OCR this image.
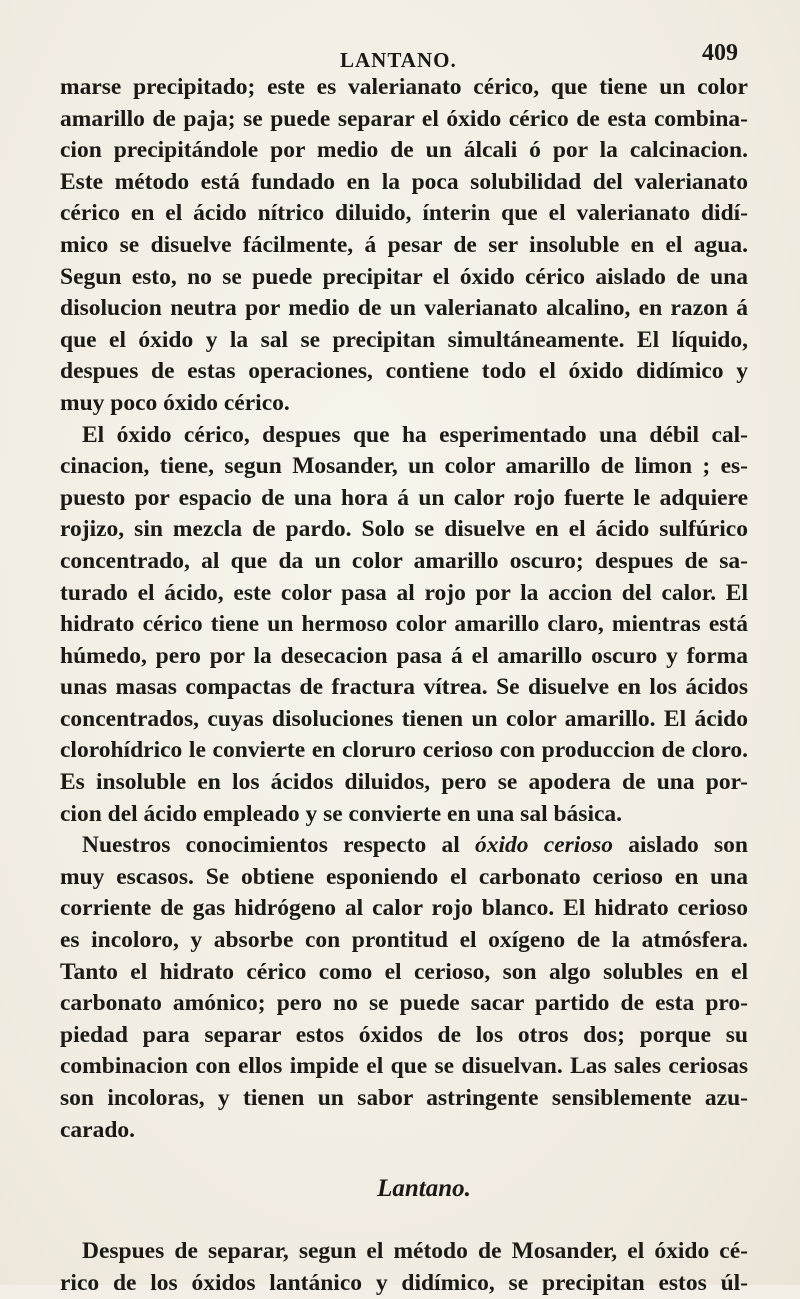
LANTANO.	409
marse precipitado; este es valerianato cérico, que tiene un color
amarillo de paja; se puede separar el óxido cérico de esta combina-
cion precipitándole por medio de un álcali ó por la calcinacion.
Este método está fundado en la poca solubilidad del valerianato
cérico en el ácido nítrico diluido, ínterin que el valerianato didí-
mico se disuelve fácilmente, á pesar de ser insoluble en el agua.
Segun esto, no se puede precipitar el óxido cérico aislado de una
disolucion neutra por medio de un valerianato alcalino, en razon á
que el óxido y la sal se precipitan simultáneamente. El líquido,
despues de estas operaciones, contiene todo el óxido didímico y
muy poco óxido cérico.
El óxido cérico, despues que ha esperimentado una débil cal-
cinacion, tiene, segun Mosander, un color amarillo de limon ; es-
puesto por espacio de una hora á un calor rojo fuerte le adquiere
rojizo, sin mezcla de pardo. Solo se disuelve en el ácido sulfúrico
concentrado, al que da un color amarillo oscuro; despues de sa-
turado el ácido, este color pasa al rojo por la accion del calor. El
hidrato cérico tiene un hermoso color amarillo claro, mientras está
húmedo, pero por la desecacion pasa á el amarillo oscuro y forma
unas masas compactas de fractura vítrea. Se disuelve en los ácidos
concentrados, cuyas disoluciones tienen un color amarillo. El ácido
clorohídrico le convierte en cloruro cerioso con produccion de cloro.
Es insoluble en los ácidos diluidos, pero se apodera de una por-
cion del ácido empleado y se convierte en una sal básica.
Nuestros conocimientos respecto al óxido cerioso aislado son
muy escasos. Se obtiene esponiendo el carbonato cerioso en una
corriente de gas hidrógeno al calor rojo blanco. El hidrato cerioso
es incoloro, y absorbe con prontitud el oxígeno de la atmósfera.
Tanto el hidrato cérico como el cerioso, son algo solubles en el
carbonato amónico; pero no se puede sacar partido de esta pro-
piedad para separar estos óxidos de los otros dos; porque su
combinacion con ellos impide el que se disuelvan. Las sales ceriosas
son incoloras, y tienen un sabor astringente sensiblemente azu-
carado.
Lantano.
Despues de separar, segun el método de Mosander, el óxido cé-
rico de los óxidos lantánico y didímico, se precipitan estos úl-
